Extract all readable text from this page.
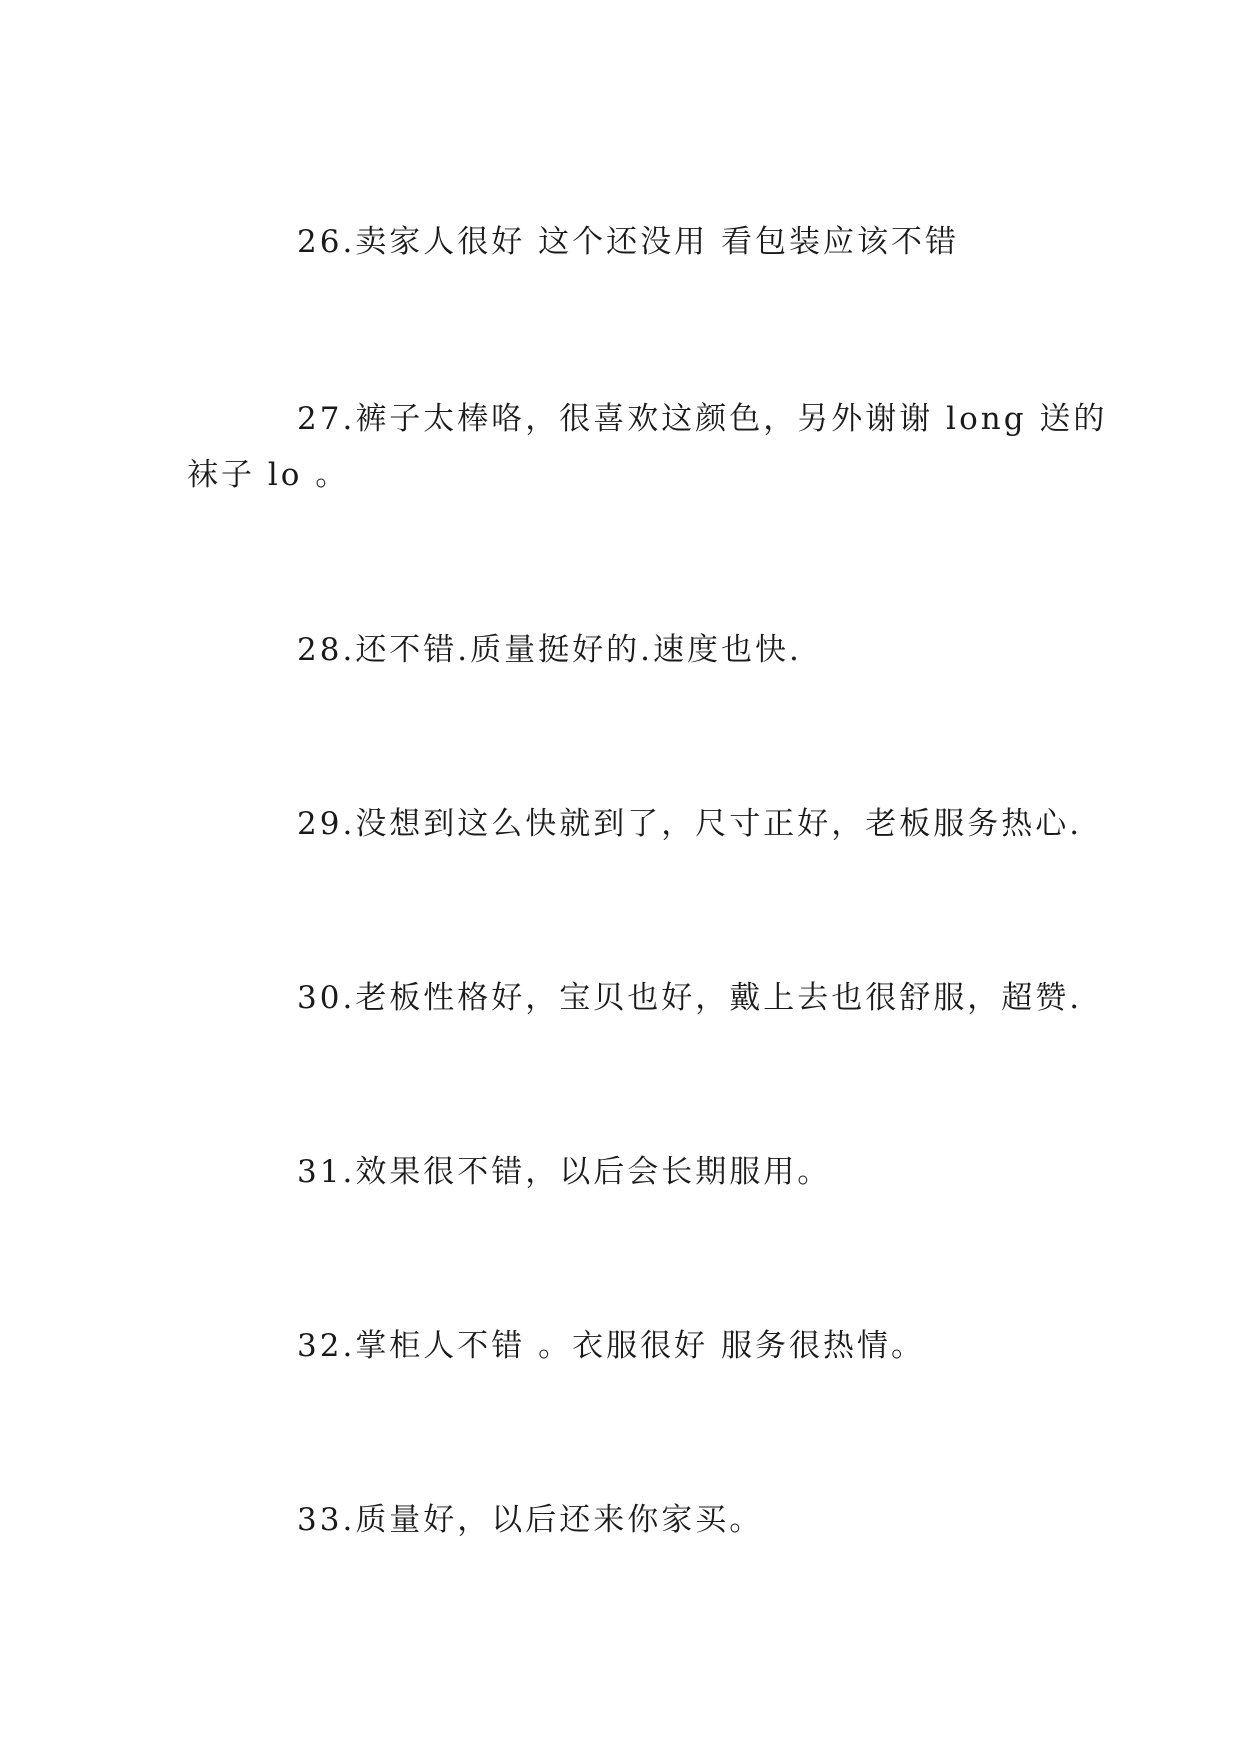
26.卖家人很好 这个还没用 看包装应该不错
27.裤子太棒咯，很喜欢这颜色，另外谢谢 long 送的
袜子 lo 。
28.还不错.质量挺好的.速度也快.
29.没想到这么快就到了，尺寸正好，老板服务热心.
30.老板性格好，宝贝也好，戴上去也很舒服，超赞.
31.效果很不错，以后会长期服用。
32.掌柜人不错 。衣服很好 服务很热情。
33.质量好，以后还来你家买。
